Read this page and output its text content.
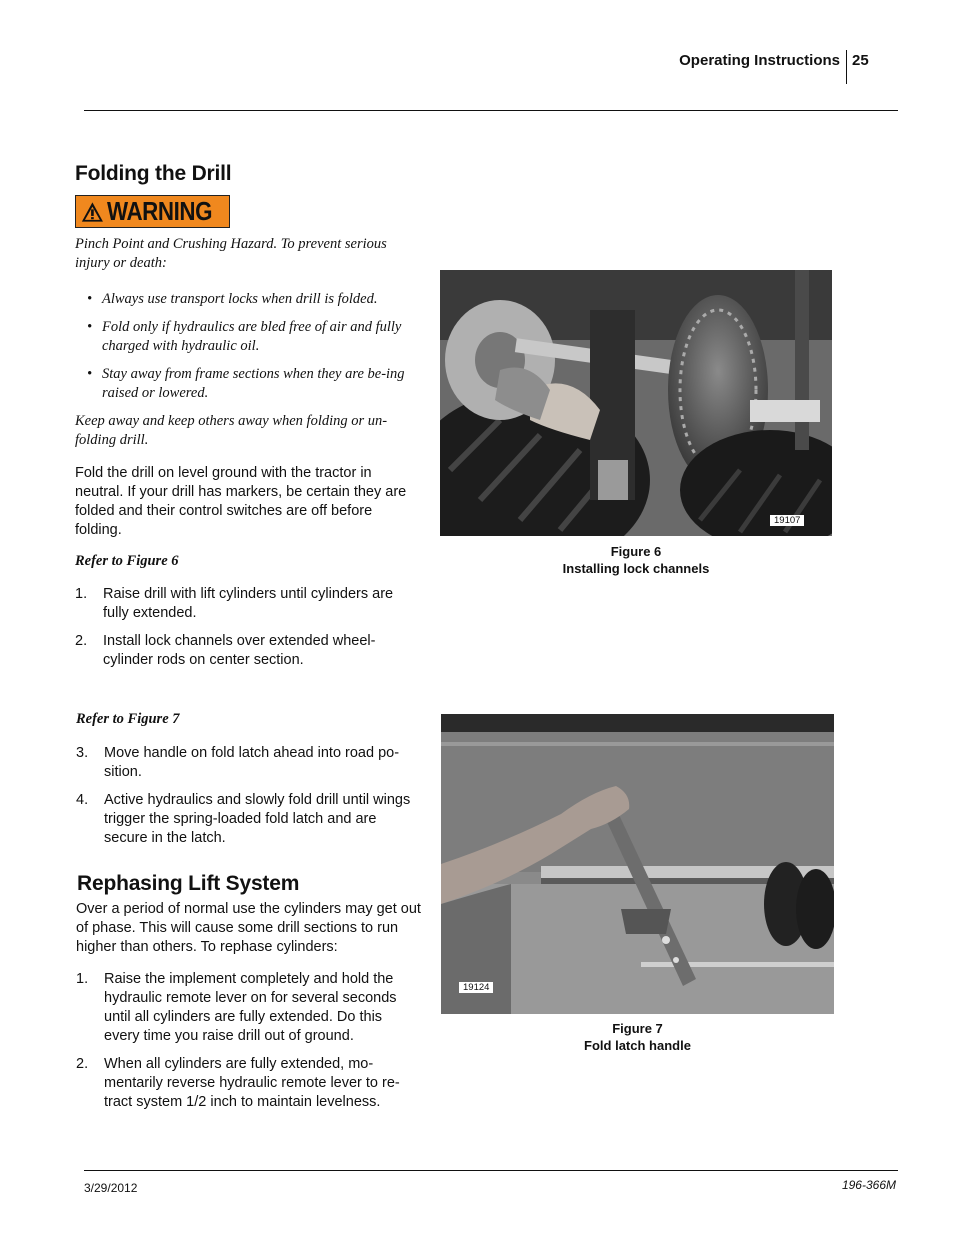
Operating Instructions 25
Folding the Drill
WARNING
Pinch Point and Crushing Hazard. To prevent serious injury or death:
• Always use transport locks when drill is folded.
• Fold only if hydraulics are bled free of air and fully charged with hydraulic oil.
• Stay away from frame sections when they are be-ing raised or lowered.
Keep away and keep others away when folding or un-folding drill.
Fold the drill on level ground with the tractor in neutral. If your drill has markers, be certain they are folded and their control switches are off before folding.
Refer to Figure 6
1.	Raise drill with lift cylinders until cylinders are fully extended.
2.	Install lock channels over extended wheel-cylinder rods on center section.
Refer to Figure 7
3.	Move handle on fold latch ahead into road po-sition.
4.	Active hydraulics and slowly fold drill until wings trigger the spring-loaded fold latch and are secure in the latch.
Rephasing Lift System
Over a period of normal use the cylinders may get out of phase. This will cause some drill sections to run higher than others. To rephase cylinders:
1.	Raise the implement completely and hold the hydraulic remote lever on for several seconds until all cylinders are fully extended. Do this every time you raise drill out of ground.
2.	When all cylinders are fully extended, mo-mentarily reverse hydraulic remote lever to re-tract system 1/2 inch to maintain levelness.
19107
Figure 6
Installing lock channels
19124
Figure 7
Fold latch handle
3/29/2012	196-366M
